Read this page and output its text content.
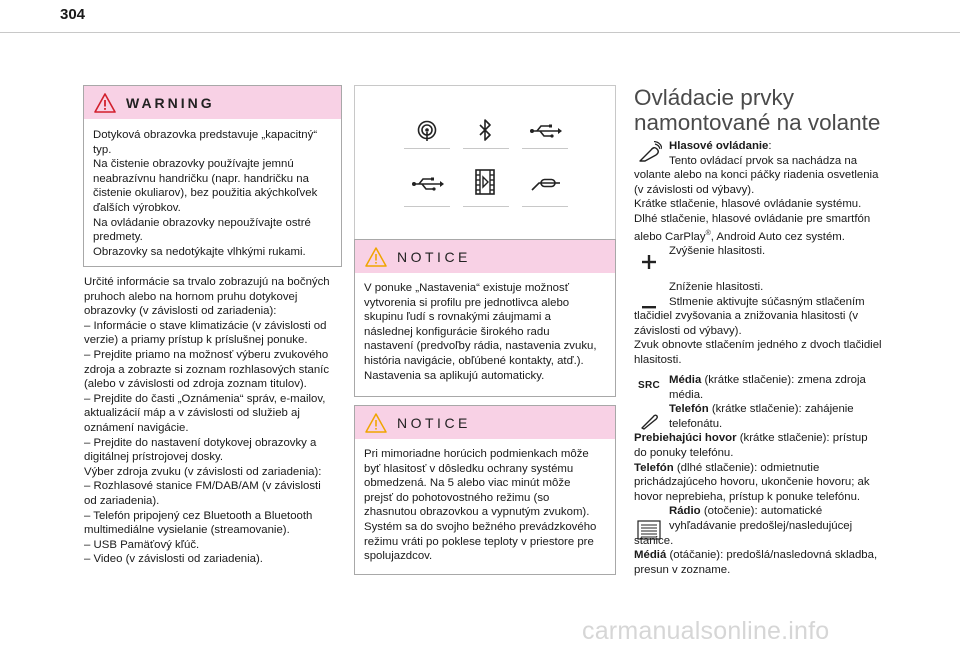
304
WARNING
Dotyková obrazovka predstavuje „kapacitný“
typ.
Na čistenie obrazovky používajte jemnú
neabrazívnu handričku (napr. handričku na
čistenie okuliarov), bez použitia akýchkoľvek
ďalších výrobkov.
Na ovládanie obrazovky nepoužívajte ostré
predmety.
Obrazovky sa nedotýkajte vlhkými rukami.
Určité informácie sa trvalo zobrazujú na bočných
pruhoch alebo na hornom pruhu dotykovej
obrazovky (v závislosti od zariadenia):
– Informácie o stave klimatizácie (v závislosti od
verzie) a priamy prístup k príslušnej ponuke.
– Prejdite priamo na možnosť výberu zvukového
zdroja a zobrazte si zoznam rozhlasových staníc
(alebo v závislosti od zdroja zoznam titulov).
– Prejdite do časti „Oznámenia“ správ, e-mailov,
aktualizácií máp a v závislosti od služieb aj
oznámení navigácie.
– Prejdite do nastavení dotykovej obrazovky a
digitálnej prístrojovej dosky.
Výber zdroja zvuku (v závislosti od zariadenia):
– Rozhlasové stanice FM/DAB/AM (v závislosti
od zariadenia).
– Telefón pripojený cez Bluetooth a Bluetooth
multimediálne vysielanie (streamovanie).
– USB Pamäťový kľúč.
– Video (v závislosti od zariadenia).
NOTICE
V ponuke „Nastavenia“ existuje možnosť
vytvorenia si profilu pre jednotlivca alebo
skupinu ľudí s rovnakými záujmami a
následnej konfigurácie širokého radu
nastavení (predvoľby rádia, nastavenia zvuku,
história navigácie, obľúbené kontakty, atď.).
Nastavenia sa aplikujú automaticky.
NOTICE
Pri mimoriadne horúcich podmienkach môže
byť hlasitosť v dôsledku ochrany systému
obmedzená. Na 5 alebo viac minút môže
prejsť do pohotovostného režimu (so
zhasnutou obrazovkou a vypnutým zvukom).
Systém sa do svojho bežného prevádzkového
režimu vráti po poklese teploty v priestore pre
spolujazdcov.
Ovládacie prvky
namontované na volante
Hlasové ovládanie:
Tento ovládací prvok sa nachádza na
volante alebo na konci páčky riadenia osvetlenia
(v závislosti od výbavy).
Krátke stlačenie, hlasové ovládanie systému.
Dlhé stlačenie, hlasové ovládanie pre smartfón
alebo CarPlay®, Android Auto cez systém.
Zvýšenie hlasitosti.
Zníženie hlasitosti.
Stlmenie aktivujte súčasným stlačením
tlačidiel zvyšovania a znižovania hlasitosti (v
závislosti od výbavy).
Zvuk obnovte stlačením jedného z dvoch tlačidiel
hlasitosti.
SRC Média (krátke stlačenie): zmena zdroja
média.
Telefón (krátke stlačenie): zahájenie
telefonátu.
Prebiehajúci hovor (krátke stlačenie): prístup
do ponuky telefónu.
Telefón (dlhé stlačenie): odmietnutie
prichádzajúceho hovoru, ukončenie hovoru; ak
hovor neprebieha, prístup k ponuke telefónu.
Rádio (otočenie): automatické
vyhľadávanie predošlej/nasledujúcej
stanice.
Médiá (otáčanie): predošlá/nasledovná skladba,
presun v zozname.
carmanualsonline.info
